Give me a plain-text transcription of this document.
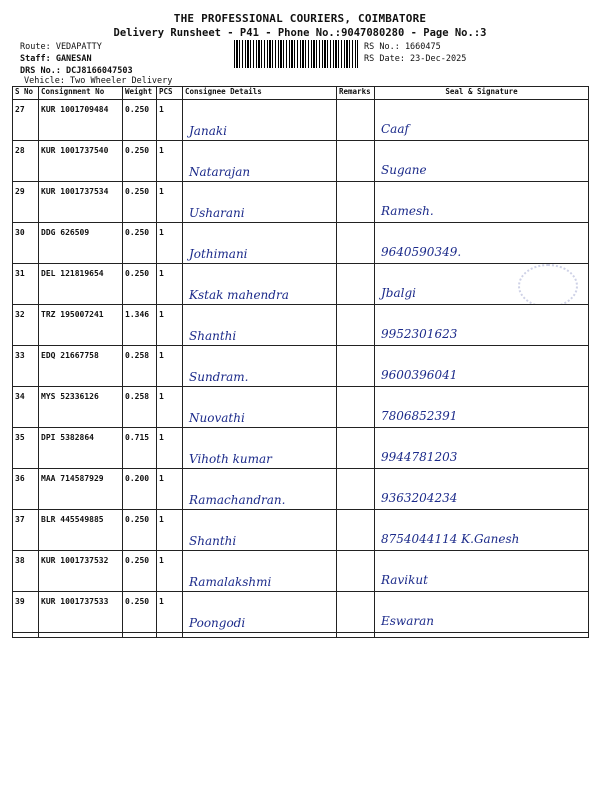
THE PROFESSIONAL COURIERS, COIMBATORE
Delivery Runsheet - P41 - Phone No.:9047080280 - Page No.:3
Route: VEDAPATTY
Staff: GANESAN
DRS No.: DCJ8166047503
Vehicle: Two Wheeler Delivery
RS No.: 1660475
RS Date: 23-Dec-2025
S No	Consignment No	Weight	PCS	Consignee Details	Remarks	Seal & Signature

27	KUR 1001709484	0.250	1	Janaki		Caaf

28	KUR 1001737540	0.250	1	Natarajan		Sugane

29	KUR 1001737534	0.250	1	Usharani		Ramesh.

30	DDG 626509	0.250	1	Jothimani		9640590349.

31	DEL 121819654	0.250	1	Kstak mahendra		Jbalgi

32	TRZ 195007241	1.346	1	Shanthi		9952301623

33	EDQ 21667758	0.258	1	Sundram.		9600396041

34	MYS 52336126	0.258	1	Nuovathi		7806852391

35	DPI 5382864	0.715	1	Vihoth kumar		9944781203

36	MAA 714587929	0.200	1	Ramachandran.		9363204234

37	BLR 445549885	0.250	1	Shanthi		8754044114 K.Ganesh

38	KUR 1001737532	0.250	1	Ramalakshmi		Ravikut

39	KUR 1001737533	0.250	1	Poongodi		Eswaran
